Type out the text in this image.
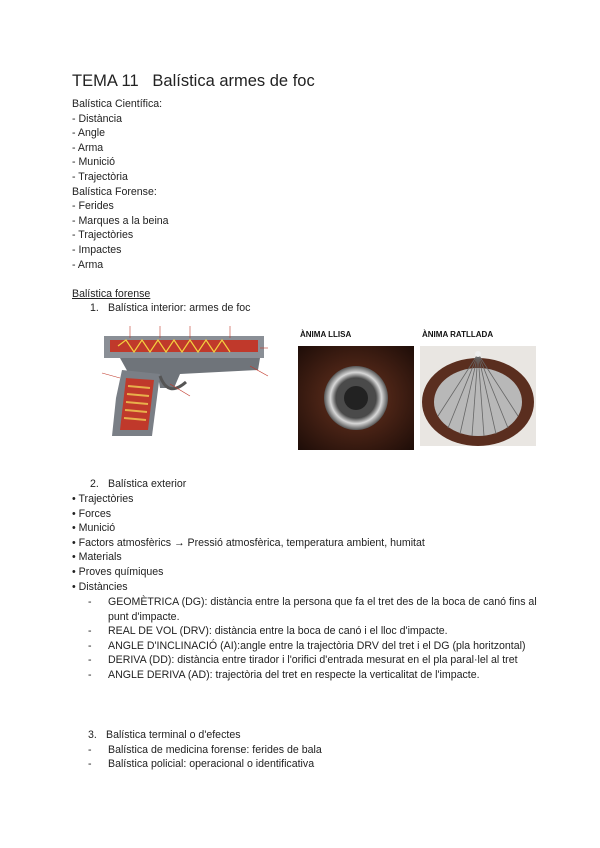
TEMA 11   Balística armes de foc
Balística Científica:
- Distància
- Angle
- Arma
- Munició
- Trajectòria
Balística Forense:
- Ferides
- Marques a la beina
- Trajectòries
- Impactes
- Arma
Balística forense
1. Balística interior: armes de foc
ÀNIMA LLISA	ÀNIMA RATLLADA
2. Balística exterior
• Trajectòries
• Forces
• Munició
• Factors atmosfèrics → Pressió atmosfèrica, temperatura ambient, humitat
• Materials
• Proves químiques
• Distàncies
- GEOMÈTRICA (DG): distància entre la persona que fa el tret des de la boca de canó fins al punt d'impacte.
- REAL DE VOL (DRV): distància entre la boca de canó i el lloc d'impacte.
- ANGLE D'INCLINACIÓ (AI):angle entre la trajectòria DRV del tret i el DG (pla horitzontal)
- DERIVA (DD): distància entre tirador i l'orifici d'entrada mesurat en el pla paral·lel al tret
- ANGLE DERIVA (AD): trajectòria del tret en respecte la verticalitat de l'impacte.
3. Balística terminal o d'efectes
- Balística de medicina forense: ferides de bala
- Balística policial: operacional o identificativa
